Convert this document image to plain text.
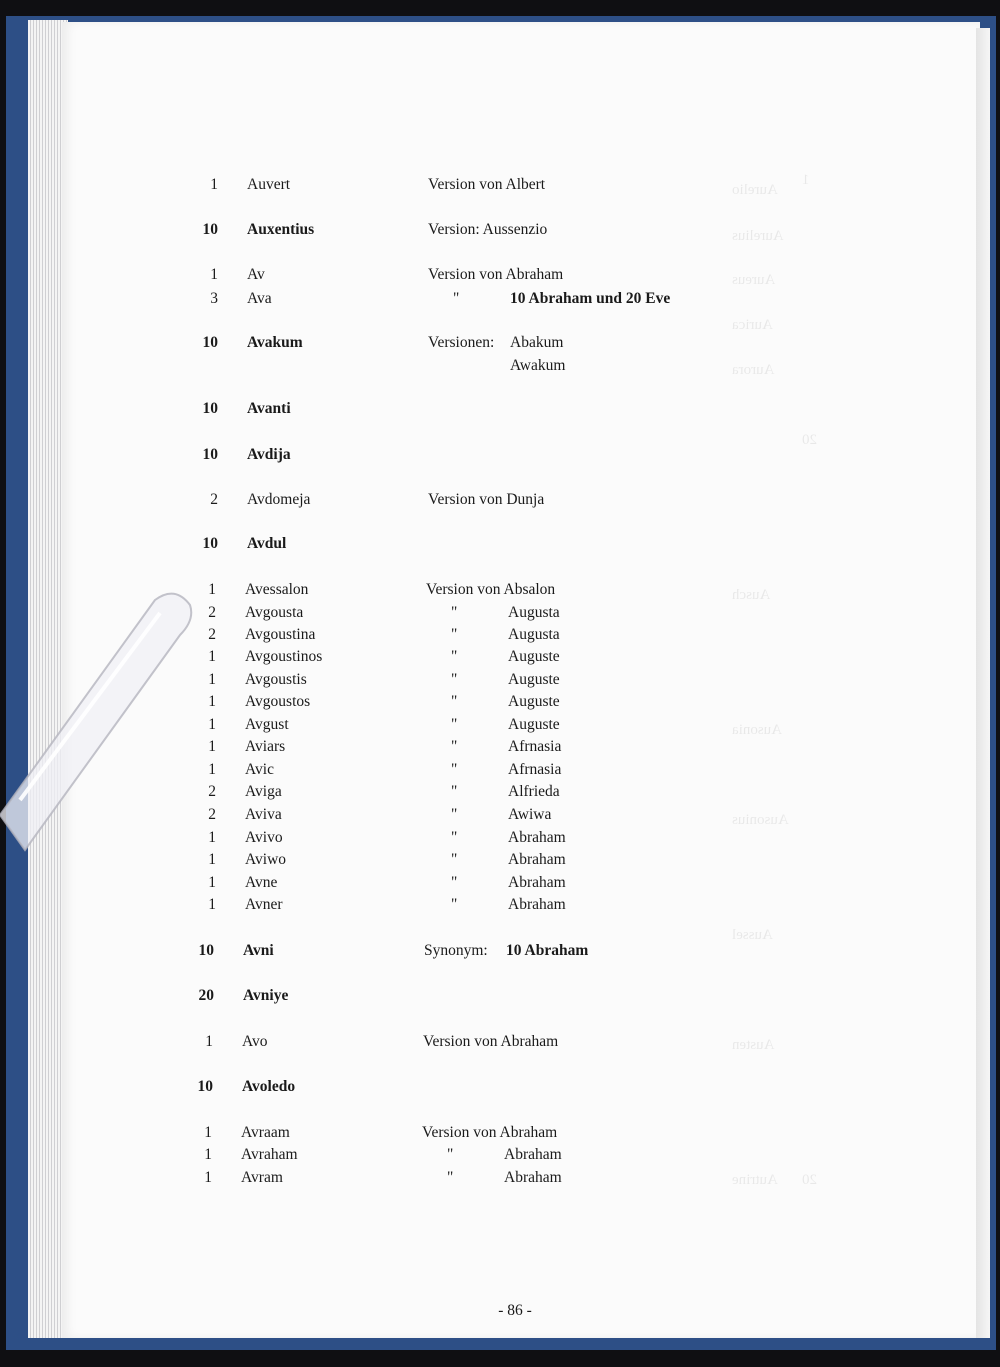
Aurelio
Aurelius
Aureus
Aurica
Aurora
Ausch
Ausonia
Ausonius
Aussel
Austen
Autrine
1
20
20
1 Auvert	Version von Albert
10 Auxentius	Version: Aussenzio
1 Av	Version von Abraham
3 Ava	"	10 Abraham und 20 Eve
10 Avakum	Versionen: Abakum
Awakum
10 Avanti
10 Avdija
2 Avdomeja	Version von Dunja
10 Avdul
1 Avessalon	Version von Absalon
2 Avgousta	"	Augusta
2 Avgoustina	"	Augusta
1 Avgoustinos	"	Auguste
1 Avgoustis	"	Auguste
1 Avgoustos	"	Auguste
1 Avgust	"	Auguste
1 Aviars	"	Afrnasia
1 Avic	"	Afrnasia
2 Aviga	"	Alfrieda
2 Aviva	"	Awiwa
1 Avivo	"	Abraham
1 Aviwo	"	Abraham
1 Avne	"	Abraham
1 Avner	"	Abraham
10 Avni	Synonym: 10 Abraham
20 Avniye
1 Avo	Version von Abraham
10 Avoledo
1 Avraam	Version von Abraham
1 Avraham	"	Abraham
1 Avram	"	Abraham
- 86 -
